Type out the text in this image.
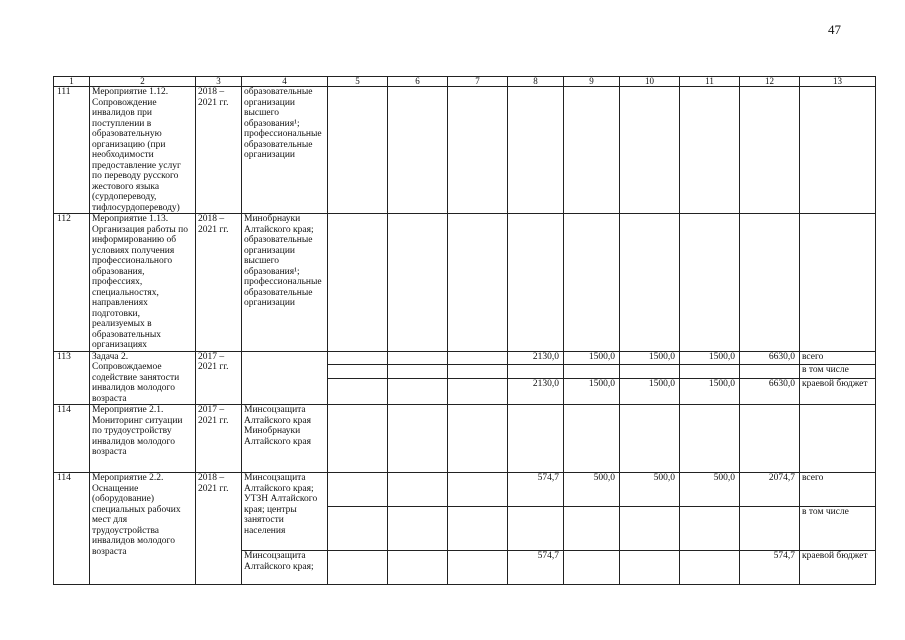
47
1	2	3	4	5	6	7	8	9	10	11	12	13
111	Мероприятие 1.12. Сопровождение инвалидов при поступлении в образовательную организацию (при необходимости предоставление услуг по переводу русского жестового языка (сурдопереводу, тифлосурдопереводу)	2018 – 2021 гг.	образовательные организации высшего образования¹; профессиональные образовательные организации									
112	Мероприятие 1.13. Организация работы по информированию об условиях получения профессионального образования, профессиях, специальностях, направлениях подготовки, реализуемых в образовательных организациях	2018 – 2021 гг.	Минобрнауки Алтайского края; образовательные организации высшего образования¹; профессиональные образовательные организации									
113	Задача 2. Сопровождаемое содействие занятости инвалидов молодого возраста	2017 – 2021 гг.					2130,0	1500,0	1500,0	1500,0	6630,0	всего
												в том числе
							2130,0	1500,0	1500,0	1500,0	6630,0	краевой бюджет
114	Мероприятие 2.1. Мониторинг ситуации по трудоустройству инвалидов молодого возраста	2017 – 2021 гг.	Минсоцзащита Алтайского края Минобрнауки Алтайского края									
114	Мероприятие 2.2. Оснащение (оборудование) специальных рабочих мест для трудоустройства инвалидов молодого возраста	2018 – 2021 гг.	Минсоцзащита Алтайского края; УТЗН Алтайского края; центры занятости населения				574,7	500,0	500,0	500,0	2074,7	всего
												в том числе
			Минсоцзащита Алтайского края;				574,7				574,7	краевой бюджет
